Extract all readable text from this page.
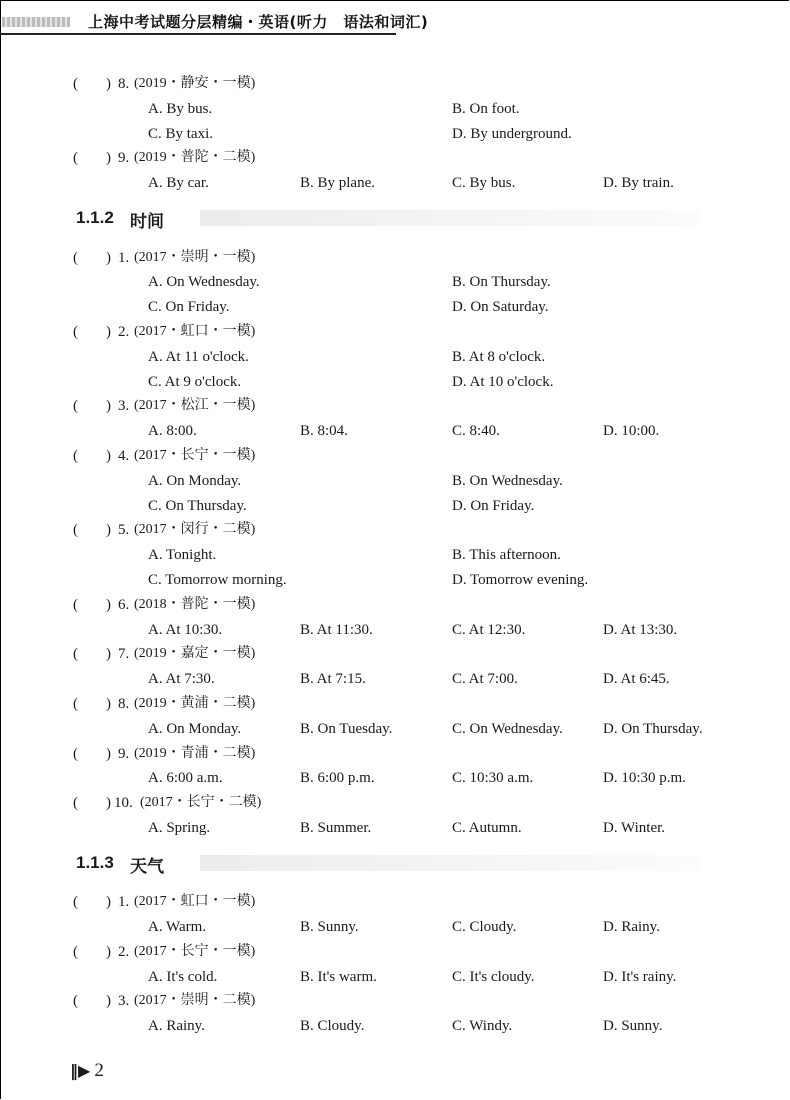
上海中考试题分层精编・英语(听力　语法和词汇)
( ) 8. (2019・静安・一模)
A. By bus.	B. On foot.
C. By taxi.	D. By underground.
( ) 9. (2019・普陀・二模)
A. By car.	B. By plane.	C. By bus.	D. By train.
1.1.2 时间
( ) 1. (2017・崇明・一模)
A. On Wednesday.	B. On Thursday.
C. On Friday.	D. On Saturday.
( ) 2. (2017・虹口・一模)
A. At 11 o'clock.	B. At 8 o'clock.
C. At 9 o'clock.	D. At 10 o'clock.
( ) 3. (2017・松江・一模)
A. 8:00.	B. 8:04.	C. 8:40.	D. 10:00.
( ) 4. (2017・长宁・一模)
A. On Monday.	B. On Wednesday.
C. On Thursday.	D. On Friday.
( ) 5. (2017・闵行・二模)
A. Tonight.	B. This afternoon.
C. Tomorrow morning.	D. Tomorrow evening.
( ) 6. (2018・普陀・一模)
A. At 10:30.	B. At 11:30.	C. At 12:30.	D. At 13:30.
( ) 7. (2019・嘉定・一模)
A. At 7:30.	B. At 7:15.	C. At 7:00.	D. At 6:45.
( ) 8. (2019・黄浦・二模)
A. On Monday.	B. On Tuesday.	C. On Wednesday.	D. On Thursday.
( ) 9. (2019・青浦・二模)
A. 6:00 a.m.	B. 6:00 p.m.	C. 10:30 a.m.	D. 10:30 p.m.
( ) 10. (2017・长宁・二模)
A. Spring.	B. Summer.	C. Autumn.	D. Winter.
1.1.3 天气
( ) 1. (2017・虹口・一模)
A. Warm.	B. Sunny.	C. Cloudy.	D. Rainy.
( ) 2. (2017・长宁・一模)
A. It's cold.	B. It's warm.	C. It's cloudy.	D. It's rainy.
( ) 3. (2017・崇明・二模)
A. Rainy.	B. Cloudy.	C. Windy.	D. Sunny.
‖▶ 2
